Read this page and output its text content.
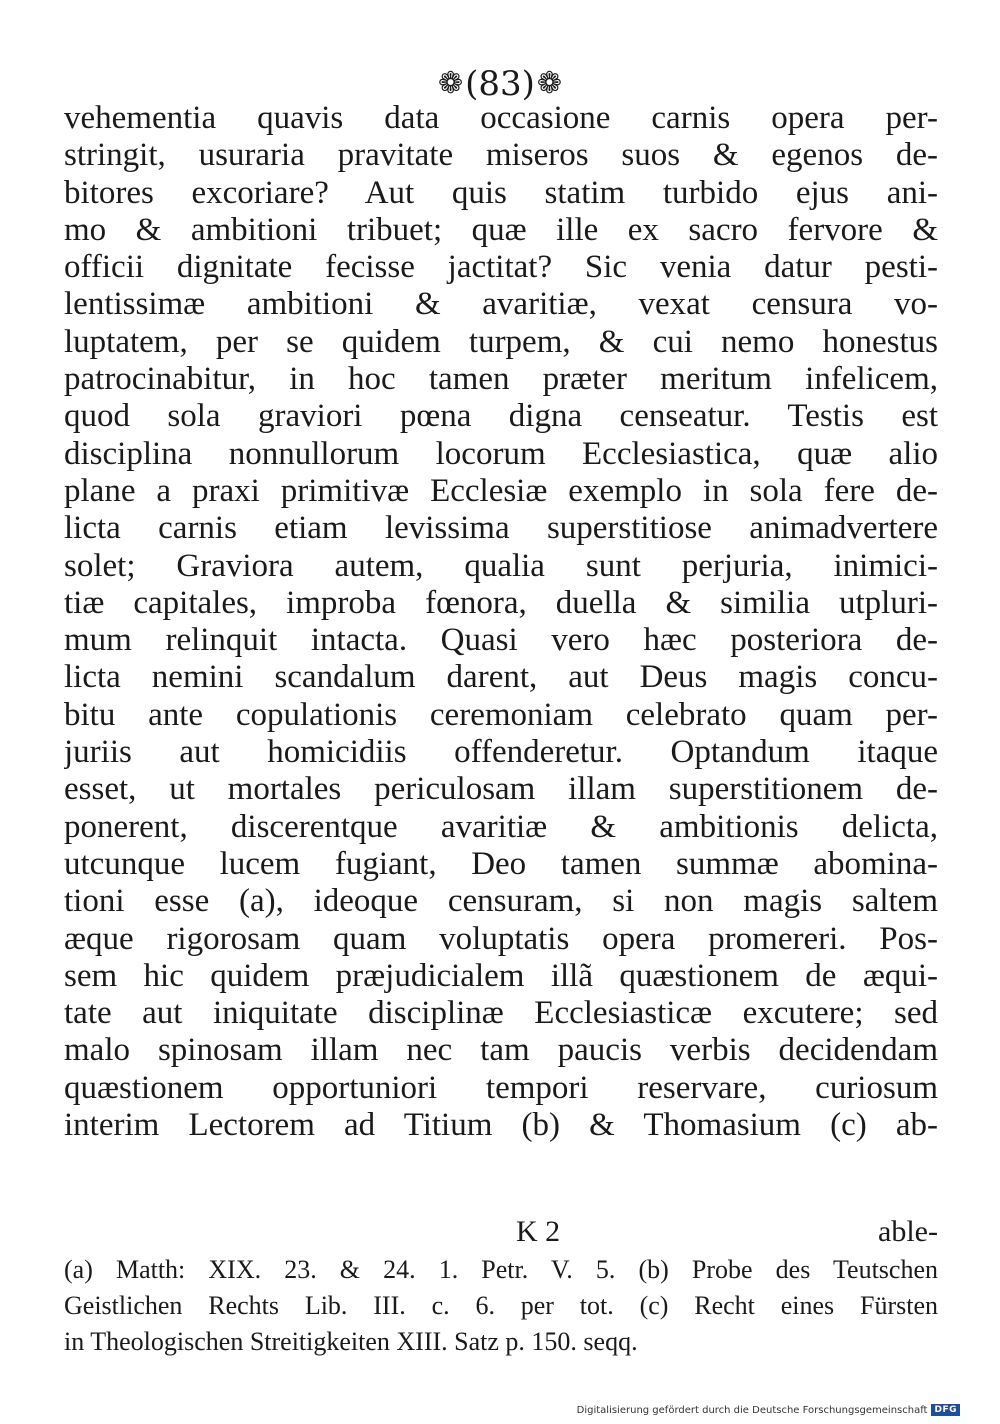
❁(83)❁
vehementia quavis data occasione carnis opera per-
stringit, usuraria pravitate miseros suos & egenos de-
bitores excoriare? Aut quis statim turbido ejus ani-
mo & ambitioni tribuet; quæ ille ex sacro fervore &
officii dignitate fecisse jactitat? Sic venia datur pesti-
lentissimæ ambitioni & avaritiæ, vexat censura vo-
luptatem, per se quidem turpem, & cui nemo honestus
patrocinabitur, in hoc tamen præter meritum infelicem,
quod sola graviori pœna digna censeatur. Testis est
disciplina nonnullorum locorum Ecclesiastica, quæ alio
plane a praxi primitivæ Ecclesiæ exemplo in sola fere de-
licta carnis etiam levissima superstitiose animadvertere
solet; Graviora autem, qualia sunt perjuria, inimici-
tiæ capitales, improba fœnora, duella & similia utpluri-
mum relinquit intacta. Quasi vero hæc posteriora de-
licta nemini scandalum darent, aut Deus magis concu-
bitu ante copulationis ceremoniam celebrato quam per-
juriis aut homicidiis offenderetur. Optandum itaque
esset, ut mortales periculosam illam superstitionem de-
ponerent, discerentque avaritiæ & ambitionis delicta,
utcunque lucem fugiant, Deo tamen summæ abomina-
tioni esse (a), ideoque censuram, si non magis saltem
æque rigorosam quam voluptatis opera promereri. Pos-
sem hic quidem præjudicialem illã quæstionem de æqui-
tate aut iniquitate disciplinæ Ecclesiasticæ excutere; sed
malo spinosam illam nec tam paucis verbis decidendam
quæstionem opportuniori tempori reservare, curiosum
interim Lectorem ad Titium (b) & Thomasium (c) ab-
K 2	able-
(a) Matth: XIX. 23. & 24. 1. Petr. V. 5. (b) Probe des Teutschen
Geistlichen Rechts Lib. III. c. 6. per tot. (c) Recht eines Fürsten
in Theologischen Streitigkeiten XIII. Satz p. 150. seqq.
Digitalisierung gefördert durch die Deutsche Forschungsgemeinschaft DFG
